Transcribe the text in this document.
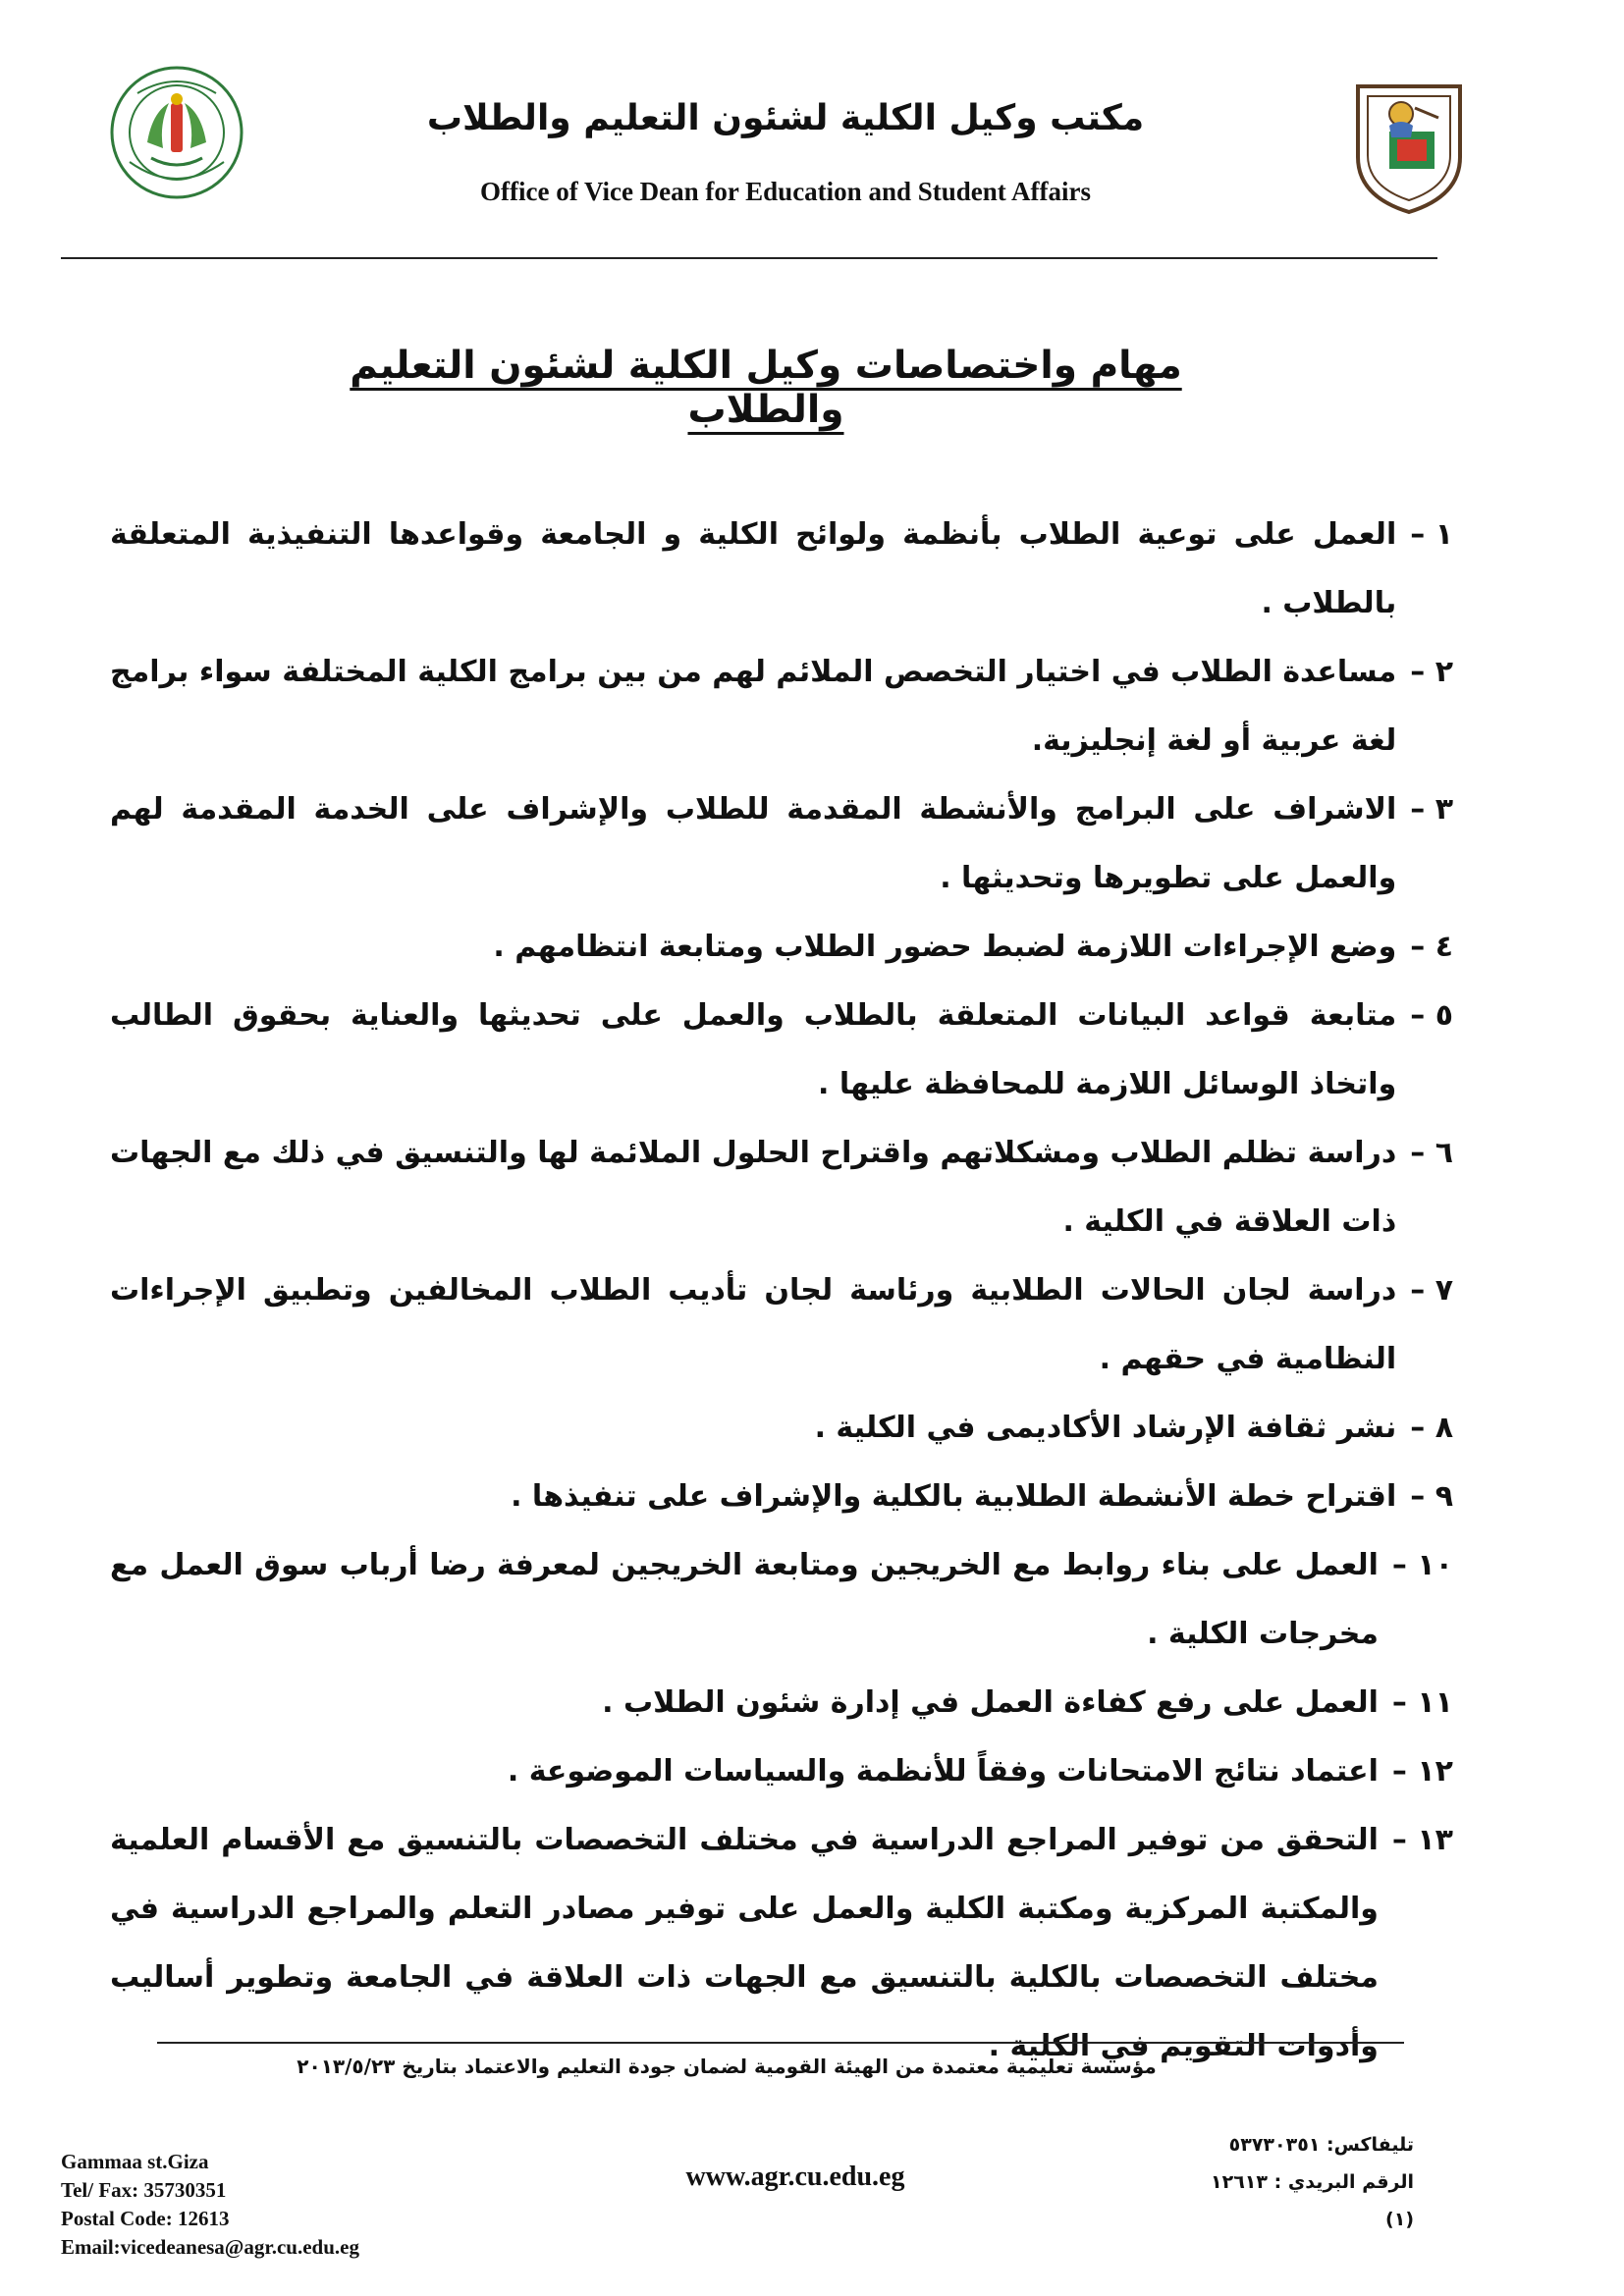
مكتب وكيل الكلية لشئون التعليم والطلاب
Office of Vice Dean for Education and Student Affairs
مهام واختصاصات وكيل الكلية لشئون التعليم والطلاب
١ –
العمل على توعية الطلاب بأنظمة ولوائح الكلية و الجامعة وقواعدها التنفيذية المتعلقة بالطلاب .
٢ –
مساعدة الطلاب في اختيار التخصص الملائم لهم من بين برامج الكلية المختلفة سواء برامج لغة عربية أو لغة إنجليزية.
٣ –
الاشراف على البرامج والأنشطة المقدمة للطلاب والإشراف على الخدمة المقدمة لهم والعمل على تطويرها وتحديثها .
٤ –
وضع الإجراءات اللازمة لضبط حضور الطلاب ومتابعة انتظامهم .
٥ –
متابعة قواعد البيانات المتعلقة بالطلاب والعمل على تحديثها والعناية بحقوق الطالب واتخاذ الوسائل اللازمة للمحافظة عليها .
٦ –
دراسة تظلم الطلاب ومشكلاتهم واقتراح الحلول الملائمة لها والتنسيق في ذلك مع الجهات ذات العلاقة في الكلية .
٧ –
دراسة لجان الحالات الطلابية ورئاسة لجان تأديب الطلاب المخالفين وتطبيق الإجراءات النظامية في حقهم .
٨ –
نشر ثقافة الإرشاد الأكاديمى في الكلية .
٩ –
اقتراح خطة الأنشطة الطلابية بالكلية والإشراف على تنفيذها .
١٠ –
العمل على بناء روابط مع الخريجين ومتابعة الخريجين لمعرفة رضا أرباب سوق العمل مع مخرجات الكلية .
١١ –
العمل على رفع كفاءة العمل في إدارة شئون الطلاب .
١٢ –
اعتماد نتائج الامتحانات وفقاً للأنظمة والسياسات الموضوعة .
١٣ –
التحقق من توفير المراجع الدراسية في مختلف التخصصات بالتنسيق مع الأقسام العلمية والمكتبة المركزية ومكتبة الكلية والعمل على توفير مصادر التعلم والمراجع الدراسية في مختلف التخصصات بالكلية بالتنسيق مع الجهات ذات العلاقة في الجامعة وتطوير أساليب وأدوات التقويم في الكلية .
مؤسسة تعليمية معتمدة من الهيئة القومية لضمان جودة التعليم والاعتماد بتاريخ ٢٠١٣/٥/٢٣
Gammaa st.Giza
Tel/ Fax: 35730351
Postal Code: 12613
Email:vicedeanesa@agr.cu.edu.eg
www.agr.cu.edu.eg
تليفاكس: ٥٣٧٣٠٣٥١
الرقم البريدي : ١٢٦١٣
(١)
